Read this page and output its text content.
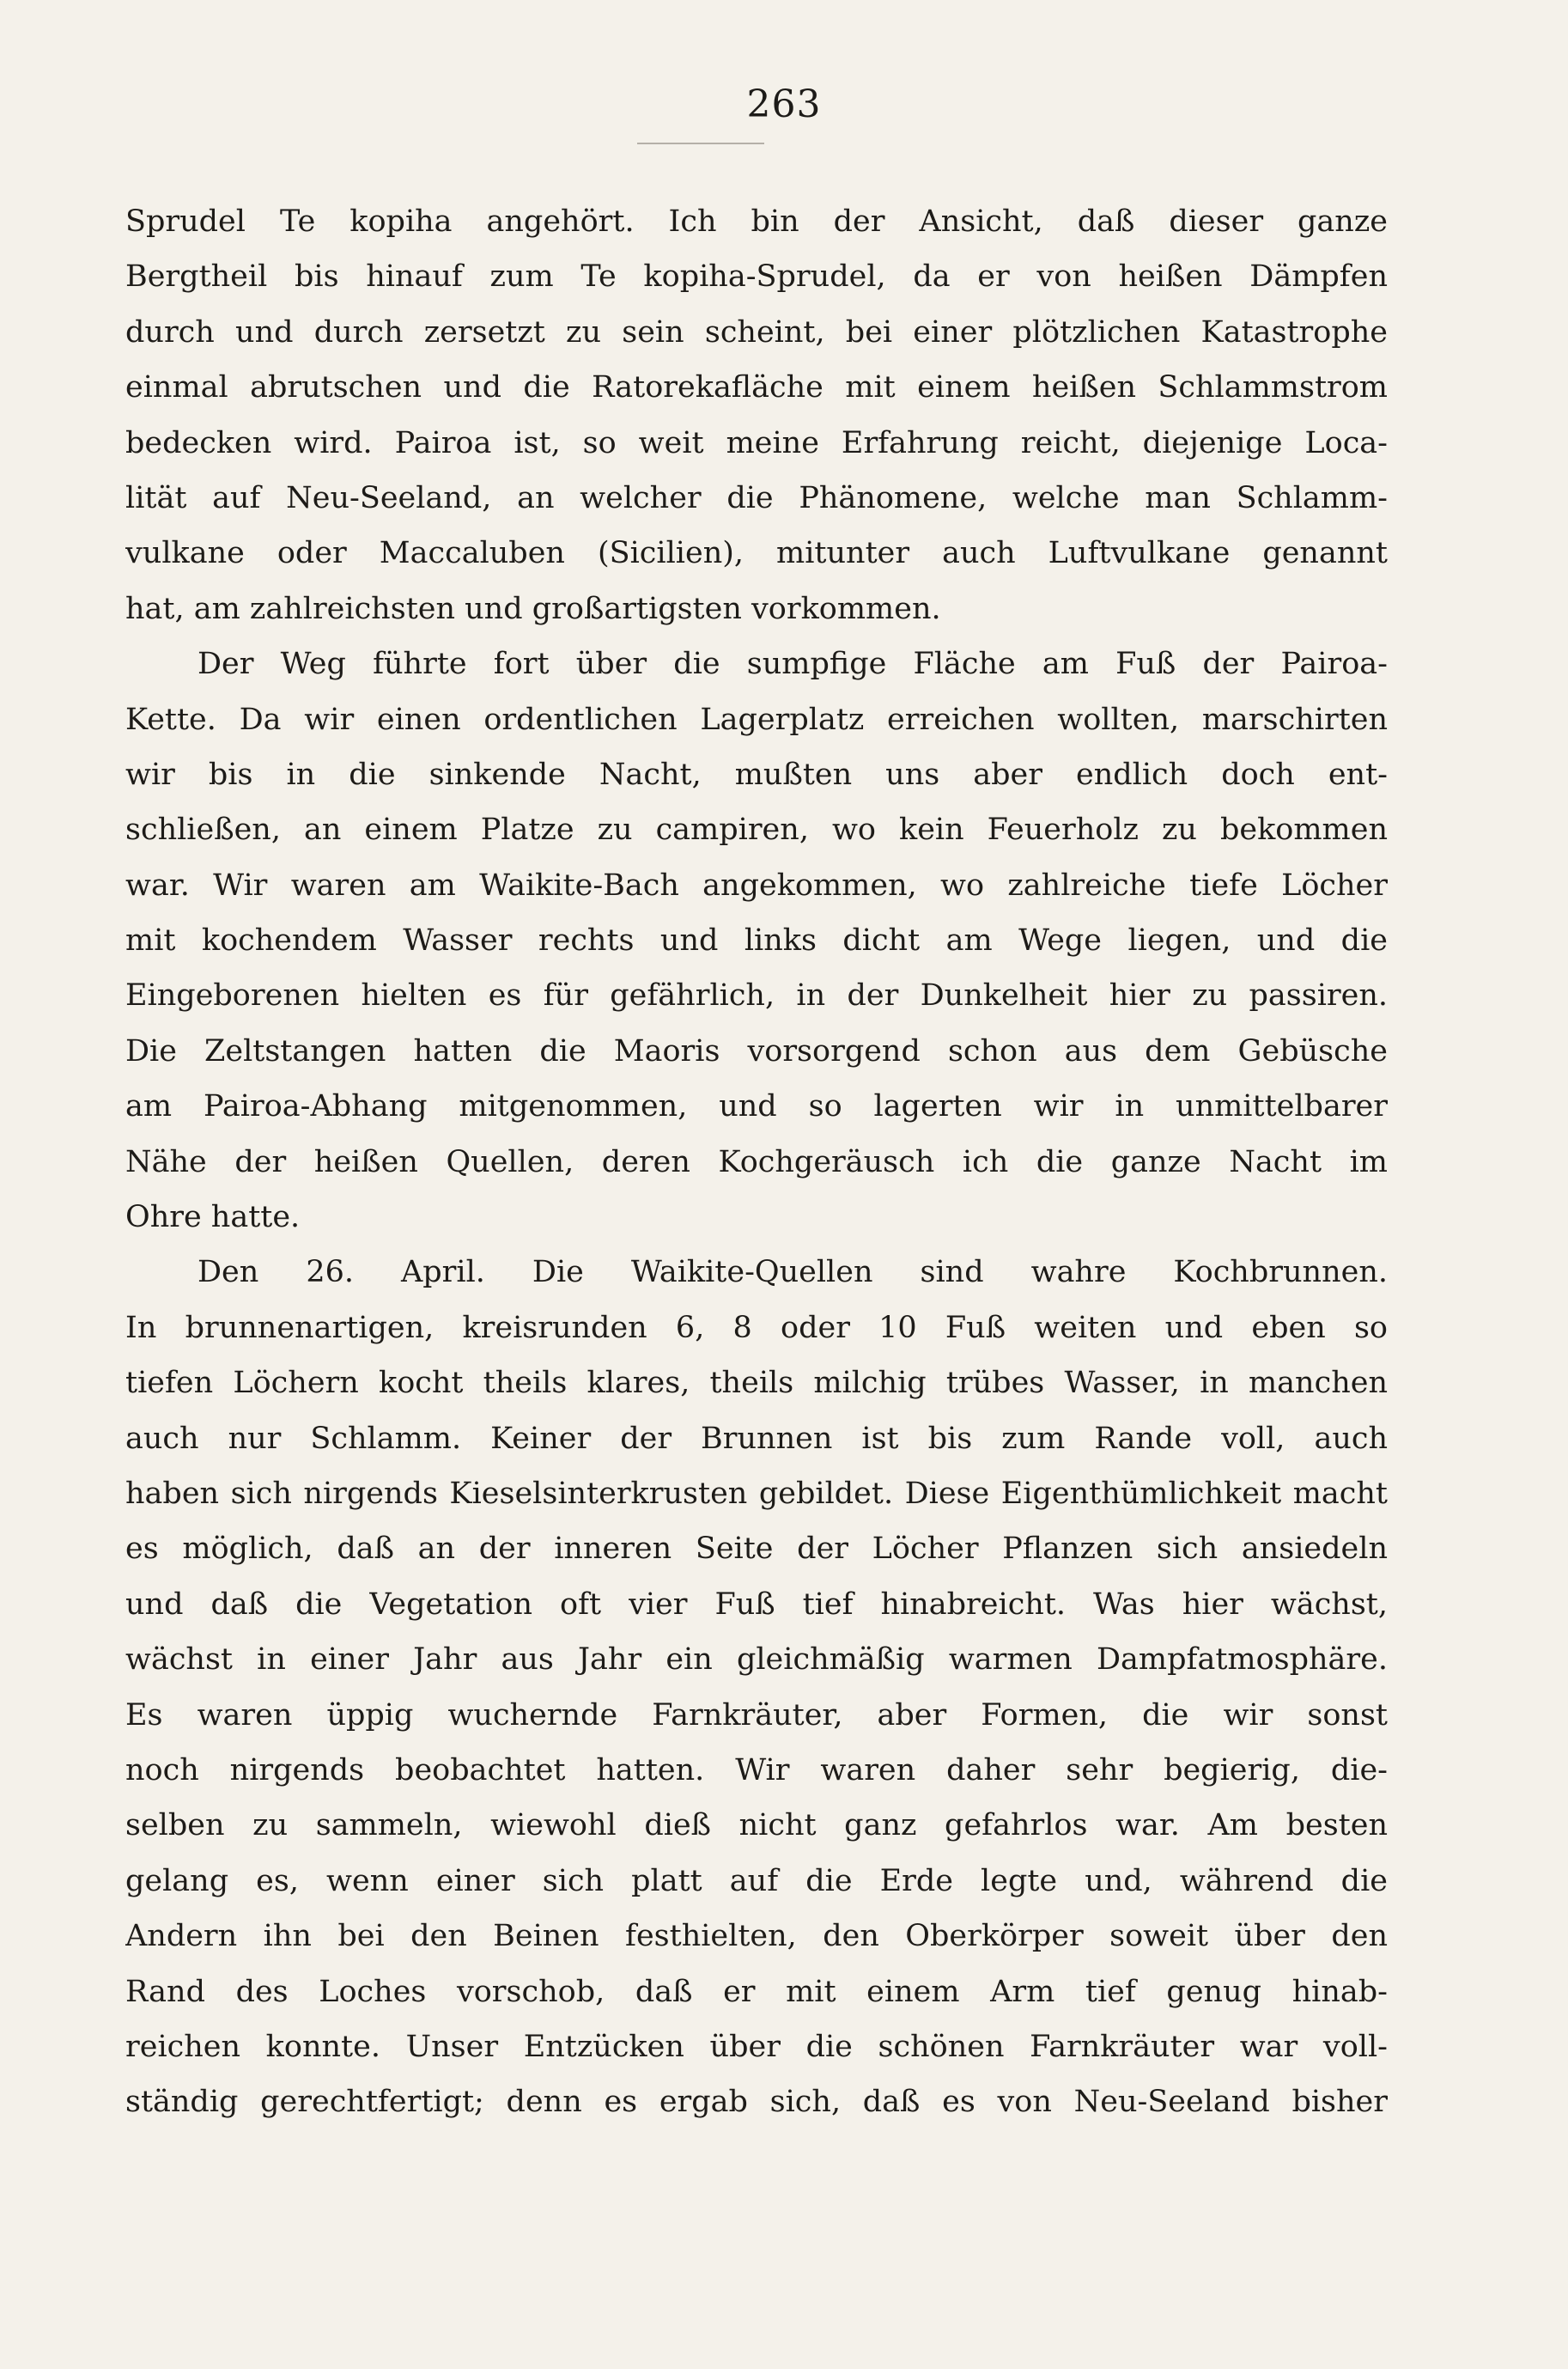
263
Sprudel Te kopiha angehört. Ich bin der Ansicht, daß dieser ganze
Bergtheil bis hinauf zum Te kopiha-Sprudel, da er von heißen Dämpfen
durch und durch zersetzt zu sein scheint, bei einer plötzlichen Katastrophe
einmal abrutschen und die Ratorekafläche mit einem heißen Schlammstrom
bedecken wird. Pairoa ist, so weit meine Erfahrung reicht, diejenige Loca-
lität auf Neu-Seeland, an welcher die Phänomene, welche man Schlamm-
vulkane oder Maccaluben (Sicilien), mitunter auch Luftvulkane genannt
hat, am zahlreichsten und großartigsten vorkommen.
Der Weg führte fort über die sumpfige Fläche am Fuß der Pairoa-
Kette. Da wir einen ordentlichen Lagerplatz erreichen wollten, marschirten
wir bis in die sinkende Nacht, mußten uns aber endlich doch ent-
schließen, an einem Platze zu campiren, wo kein Feuerholz zu bekommen
war. Wir waren am Waikite-Bach angekommen, wo zahlreiche tiefe Löcher
mit kochendem Wasser rechts und links dicht am Wege liegen, und die
Eingeborenen hielten es für gefährlich, in der Dunkelheit hier zu passiren.
Die Zeltstangen hatten die Maoris vorsorgend schon aus dem Gebüsche
am Pairoa-Abhang mitgenommen, und so lagerten wir in unmittelbarer
Nähe der heißen Quellen, deren Kochgeräusch ich die ganze Nacht im
Ohre hatte.
Den 26. April. Die Waikite-Quellen sind wahre Kochbrunnen.
In brunnenartigen, kreisrunden 6, 8 oder 10 Fuß weiten und eben so
tiefen Löchern kocht theils klares, theils milchig trübes Wasser, in manchen
auch nur Schlamm. Keiner der Brunnen ist bis zum Rande voll, auch
haben sich nirgends Kieselsinterkrusten gebildet. Diese Eigenthümlichkeit macht
es möglich, daß an der inneren Seite der Löcher Pflanzen sich ansiedeln
und daß die Vegetation oft vier Fuß tief hinabreicht. Was hier wächst,
wächst in einer Jahr aus Jahr ein gleichmäßig warmen Dampfatmosphäre.
Es waren üppig wuchernde Farnkräuter, aber Formen, die wir sonst
noch nirgends beobachtet hatten. Wir waren daher sehr begierig, die-
selben zu sammeln, wiewohl dieß nicht ganz gefahrlos war. Am besten
gelang es, wenn einer sich platt auf die Erde legte und, während die
Andern ihn bei den Beinen festhielten, den Oberkörper soweit über den
Rand des Loches vorschob, daß er mit einem Arm tief genug hinab-
reichen konnte. Unser Entzücken über die schönen Farnkräuter war voll-
ständig gerechtfertigt; denn es ergab sich, daß es von Neu-Seeland bisher
